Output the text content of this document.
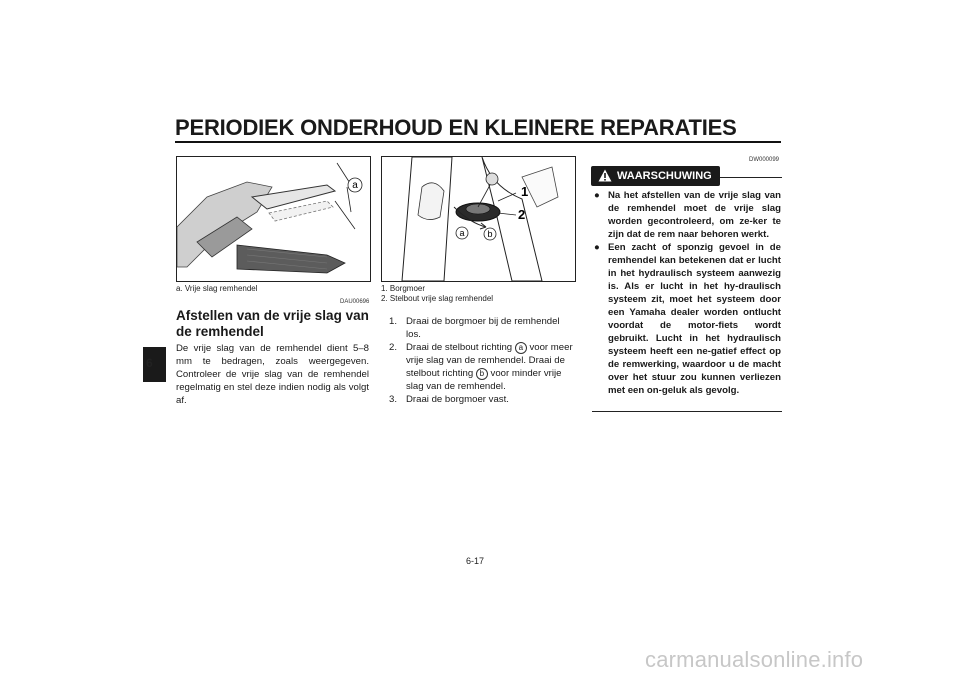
PERIODIEK ONDERHOUD EN KLEINERE REPARATIES
6
a
a. Vrije slag remhendel
DAU00696
Afstellen van de vrije slag van de remhendel
De vrije slag van de remhendel dient 5–8 mm te bedragen, zoals weergegeven. Controleer de vrije slag van de remhendel regelmatig en stel deze indien nodig als volgt af.
1
2
a	b
1. Borgmoer
2. Stelbout vrije slag remhendel

1. Draai de borgmoer bij de remhendel los.

2. Draai de stelbout richting a voor meer vrije slag van de remhendel. Draai de stelbout richting b voor minder vrije slag van de remhendel.

3. Draai de borgmoer vast.

DW000099
WAARSCHUWING

● Na het afstellen van de vrije slag van de remhendel moet de vrije slag worden gecontroleerd, om ze-ker te zijn dat de rem naar behoren werkt.

● Een zacht of sponzig gevoel in de remhendel kan betekenen dat er lucht in het hydraulisch systeem aanwezig is. Als er lucht in het hy-draulisch systeem zit, moet het systeem door een Yamaha dealer worden ontlucht voordat de motor-fiets wordt gebruikt. Lucht in het hydraulisch systeem heeft een ne-gatief effect op de remwerking, waardoor u de macht over het stuur zou kunnen verliezen met een on-geluk als gevolg.

6-17
carmanualsonline.info
